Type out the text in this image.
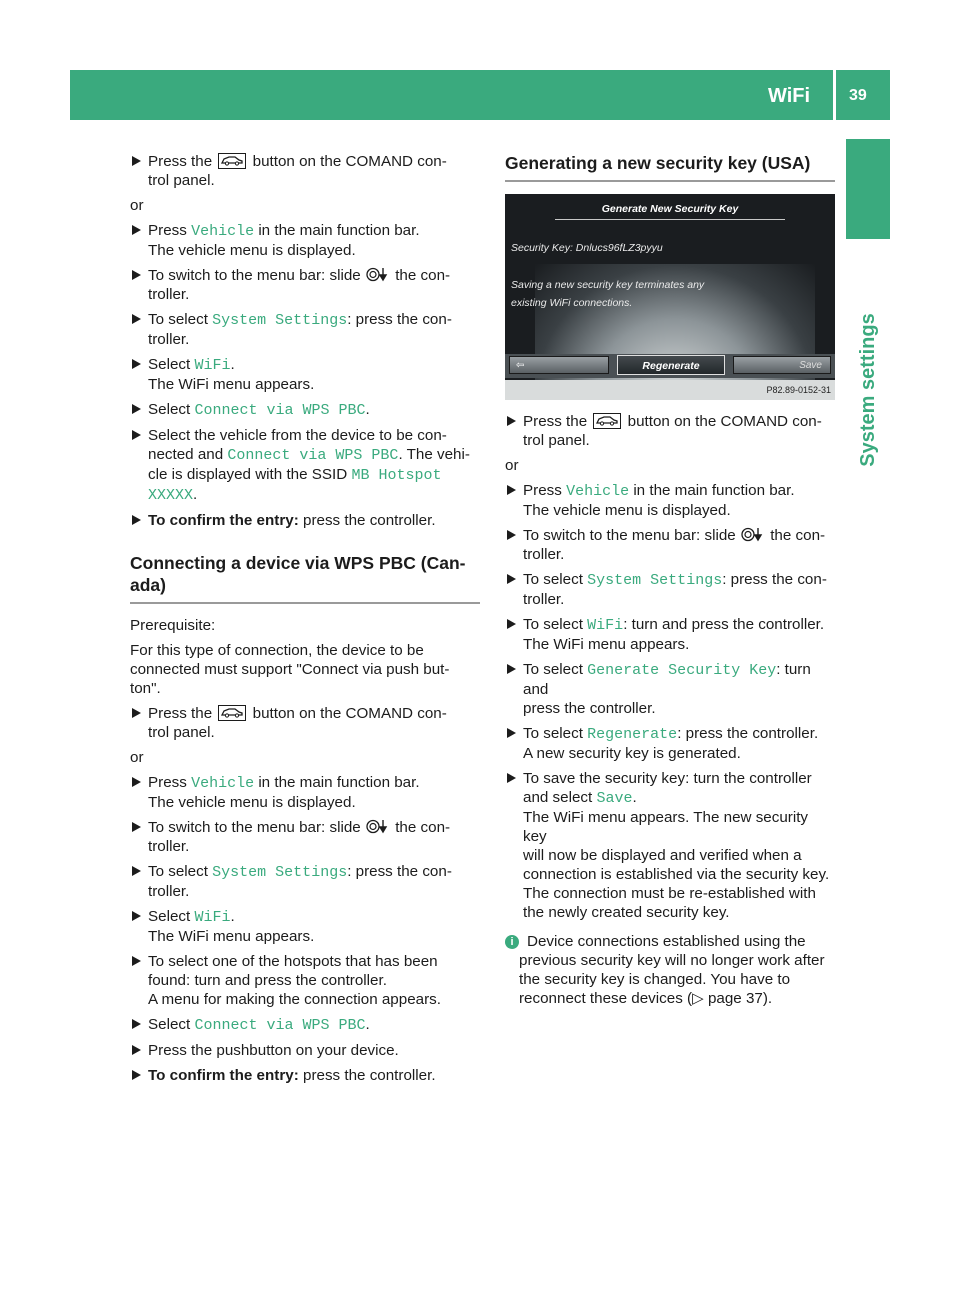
WiFi 39
System settings
Press the	button on the COMAND con-
trol panel.

or

Press Vehicle in the main function bar.
The vehicle menu is displayed.
To switch to the menu bar: slide the con-
troller.
To select System Settings: press the con-
troller.
Select WiFi.
The WiFi menu appears.
Select Connect via WPS PBC.
Select the vehicle from the device to be con-
nected and Connect via WPS PBC. The vehi-
cle is displayed with the SSID MB Hotspot
XXXXX.
To confirm the entry: press the controller.
Connecting a device via WPS PBC (Can-
ada)

Prerequisite:

For this type of connection, the device to be
connected must support "Connect via push but-
ton".

Press the	button on the COMAND con-
trol panel.

or

Press Vehicle in the main function bar.
The vehicle menu is displayed.
To switch to the menu bar: slide the con-
troller.
To select System Settings: press the con-
troller.
Select WiFi.
The WiFi menu appears.
To select one of the hotspots that has been
found: turn and press the controller.
A menu for making the connection appears.
Select Connect via WPS PBC.
Press the pushbutton on your device.
To confirm the entry: press the controller.
Generating a new security key (USA)
Generate New Security Key
Security Key: Dnlucs96fLZ3pyyu
Saving a new security key terminates any
existing WiFi connections.
⇦	Regenerate	Save
P82.89-0152-31
Press the	button on the COMAND con-
trol panel.

or

Press Vehicle in the main function bar.
The vehicle menu is displayed.
To switch to the menu bar: slide the con-
troller.
To select System Settings: press the con-
troller.
To select WiFi: turn and press the controller.
The WiFi menu appears.
To select Generate Security Key: turn and
press the controller.
To select Regenerate: press the controller.
A new security key is generated.
To save the security key: turn the controller
and select Save.
The WiFi menu appears. The new security key
will now be displayed and verified when a
connection is established via the security key.
The connection must be re-established with
the newly created security key.
i Device connections established using the
previous security key will no longer work after
the security key is changed. You have to
reconnect these devices (▷ page 37).
